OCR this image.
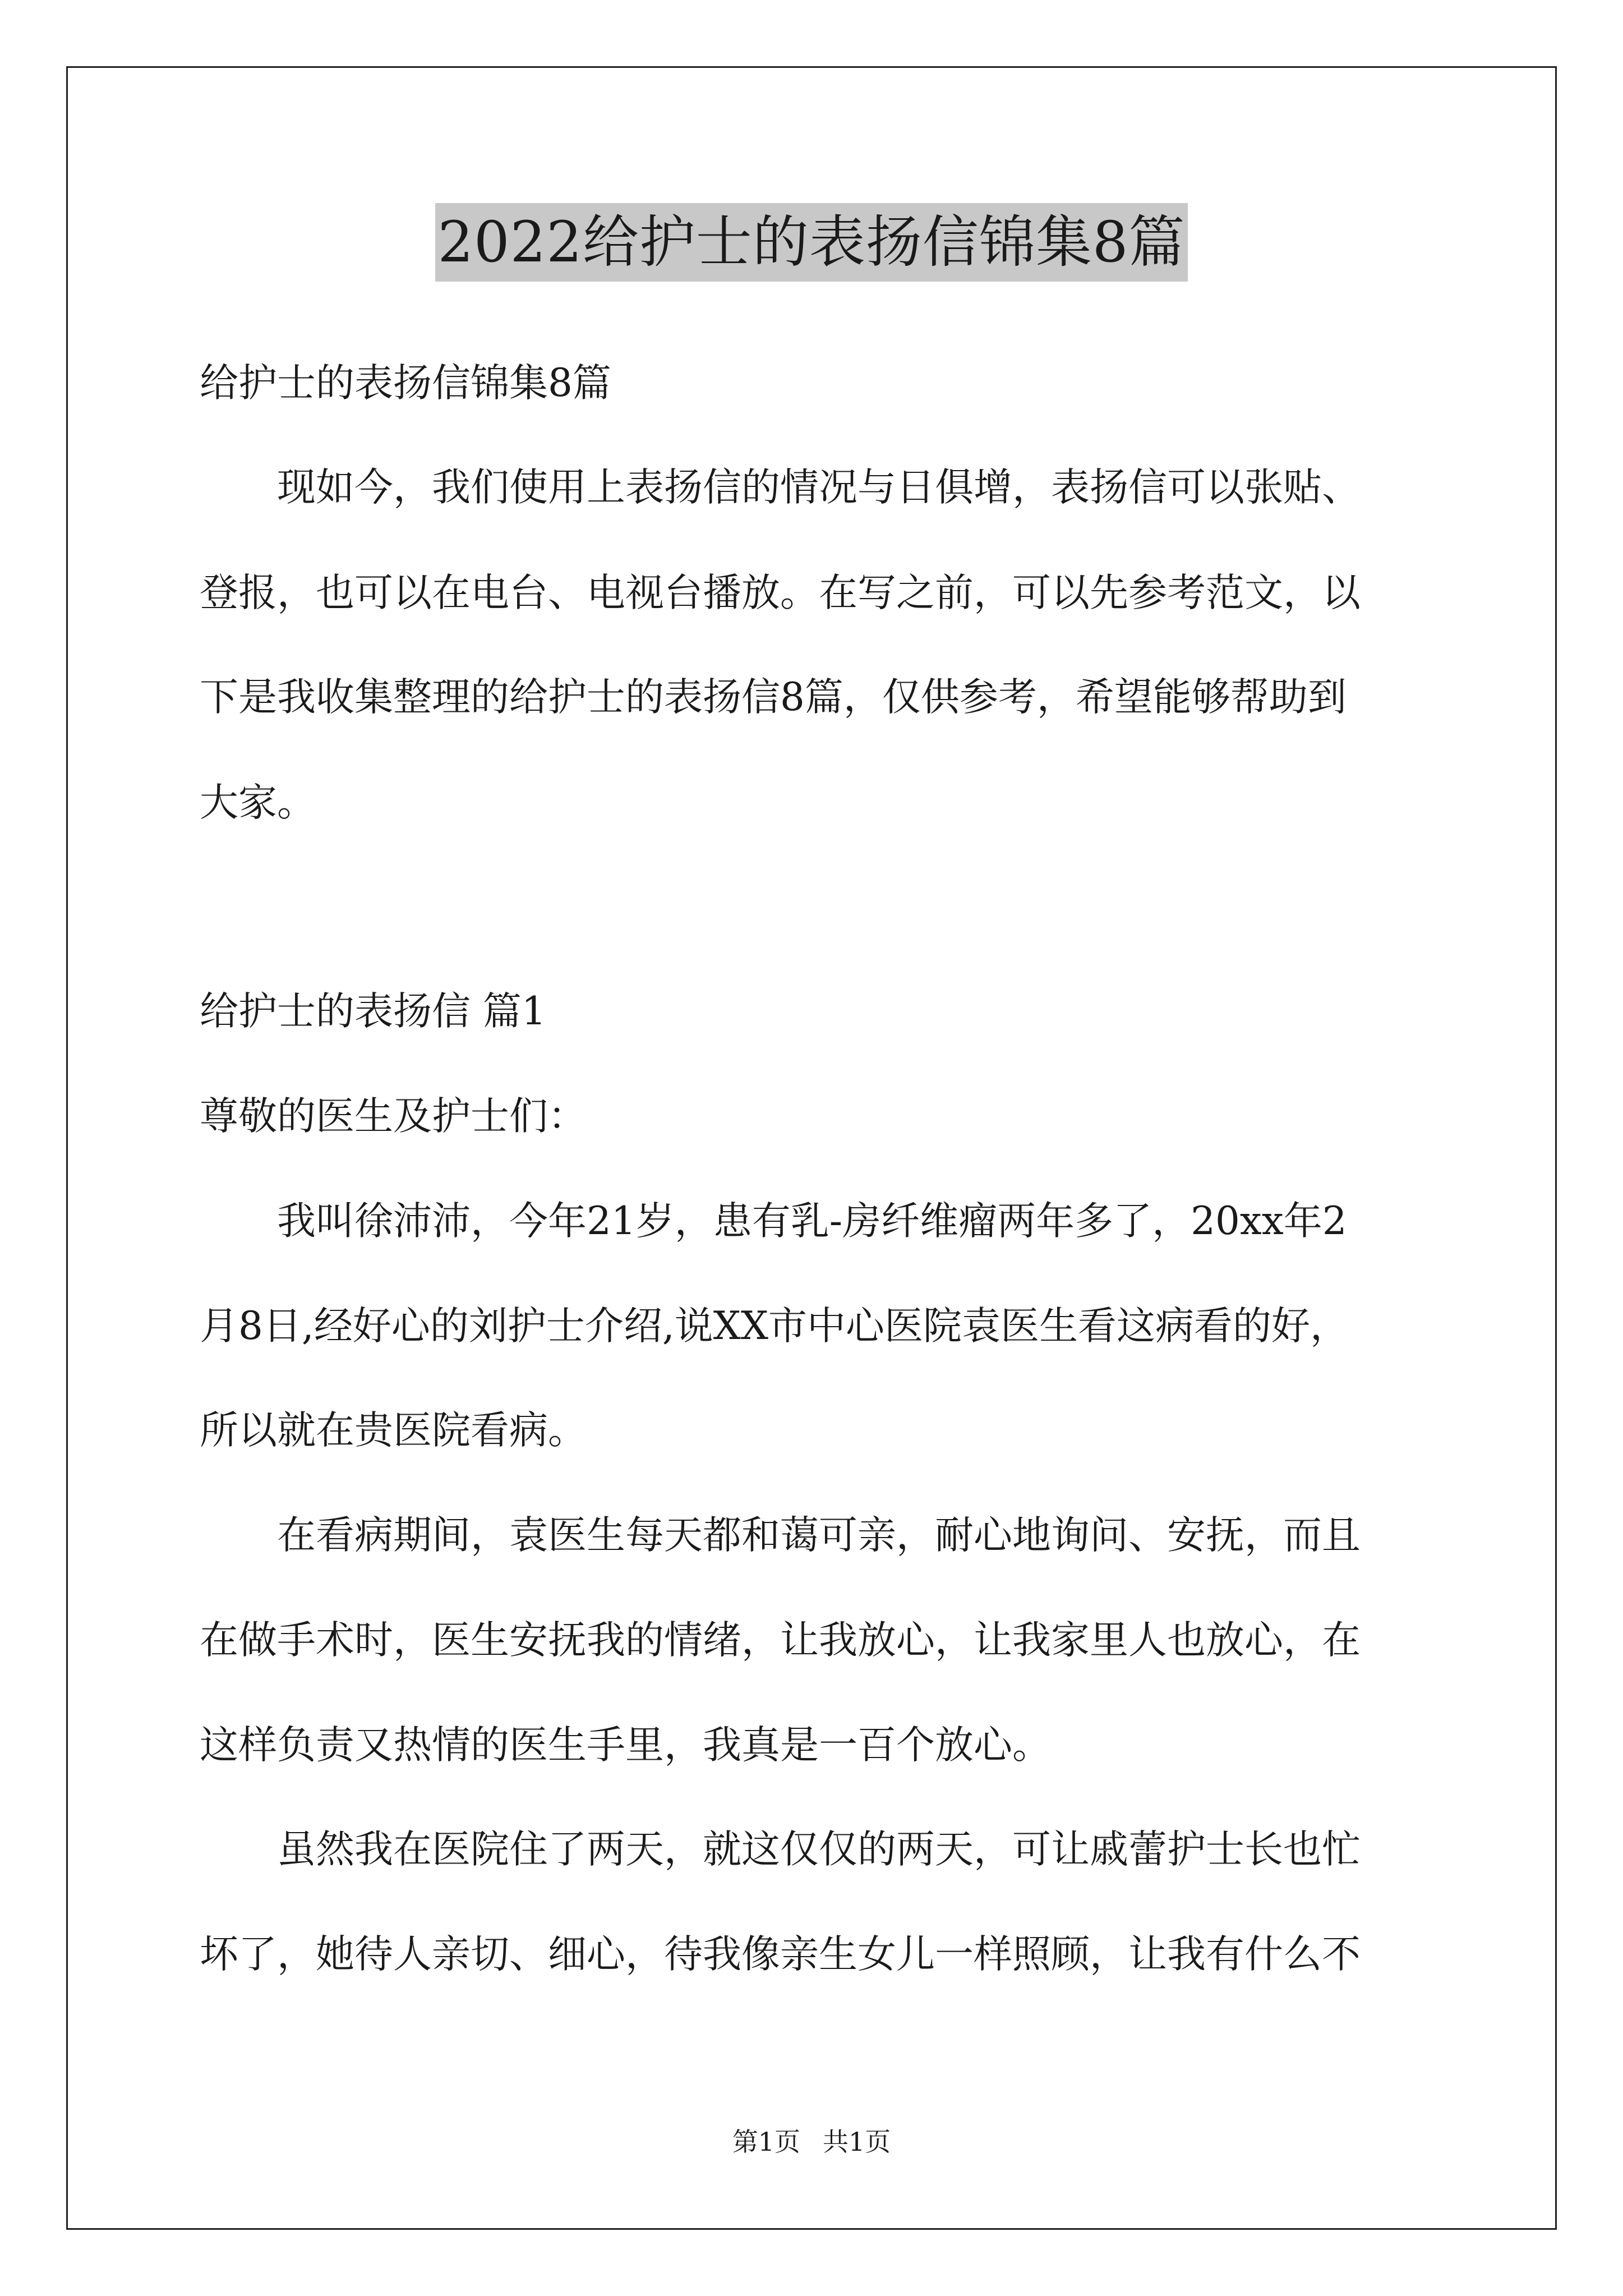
2022给护士的表扬信锦集8篇
给护士的表扬信锦集8篇
　　现如今，我们使用上表扬信的情况与日俱增，表扬信可以张贴、
登报，也可以在电台、电视台播放。在写之前，可以先参考范文，以
下是我收集整理的给护士的表扬信8篇，仅供参考，希望能够帮助到
大家。
给护士的表扬信 篇1
尊敬的医生及护士们：
　　我叫徐沛沛，今年21岁，患有乳-房纤维瘤两年多了，20xx年2
月8日,经好心的刘护士介绍,说XX市中心医院袁医生看这病看的好，
所以就在贵医院看病。
　　在看病期间，袁医生每天都和蔼可亲，耐心地询问、安抚，而且
在做手术时，医生安抚我的情绪，让我放心，让我家里人也放心，在
这样负责又热情的医生手里，我真是一百个放心。
　　虽然我在医院住了两天，就这仅仅的两天，可让戚蕾护士长也忙
坏了，她待人亲切、细心，待我像亲生女儿一样照顾，让我有什么不
第1页 共1页
